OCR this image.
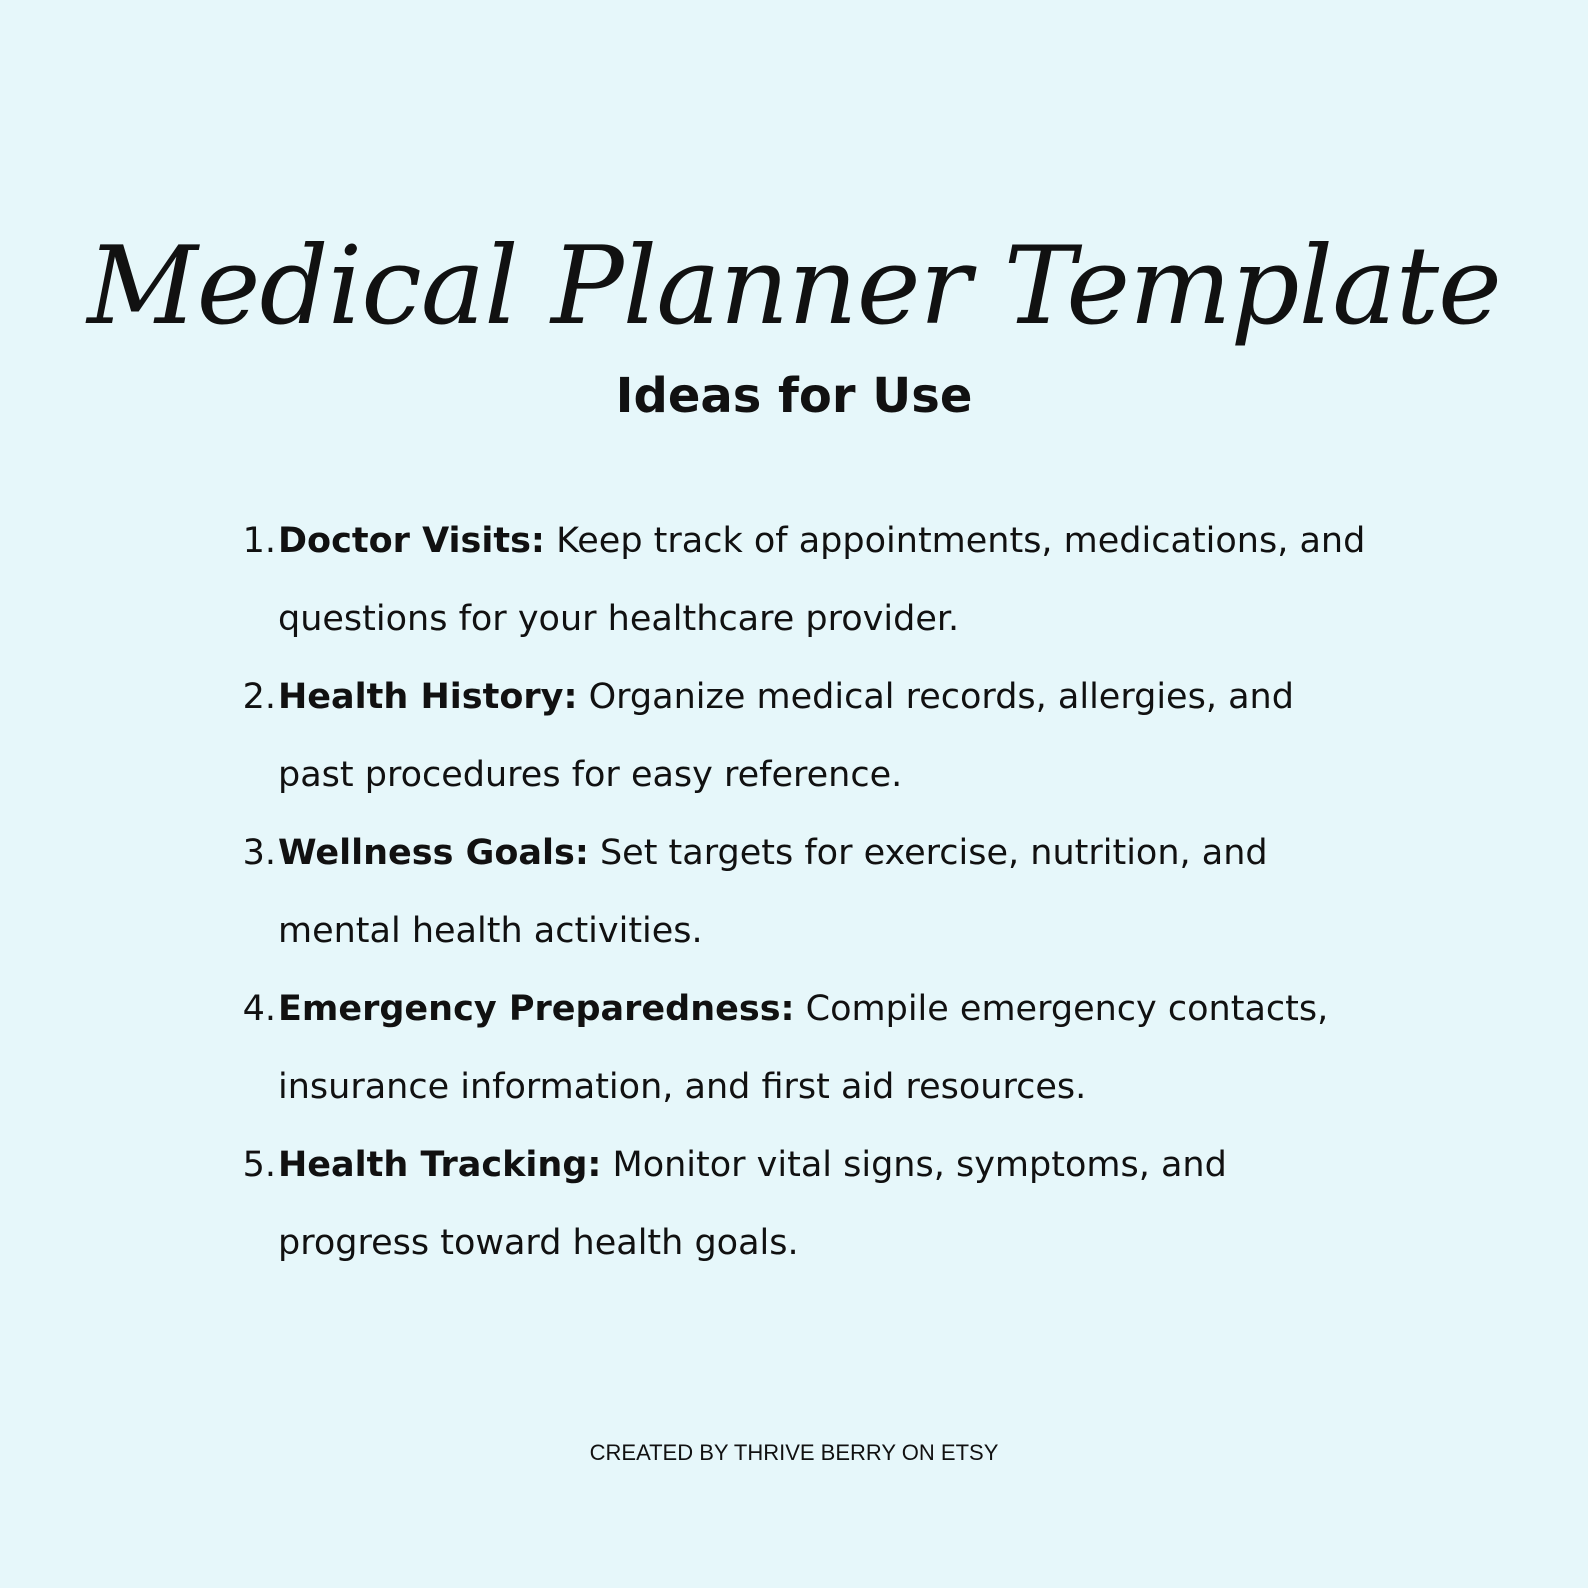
Medical Planner Template
Ideas for Use
1. Doctor Visits: Keep track of appointments, medications, and questions for your healthcare provider.
2. Health History: Organize medical records, allergies, and past procedures for easy reference.
3. Wellness Goals: Set targets for exercise, nutrition, and mental health activities.
4. Emergency Preparedness: Compile emergency contacts, insurance information, and first aid resources.
5. Health Tracking: Monitor vital signs, symptoms, and progress toward health goals.

CREATED BY THRIVE BERRY ON ETSY
